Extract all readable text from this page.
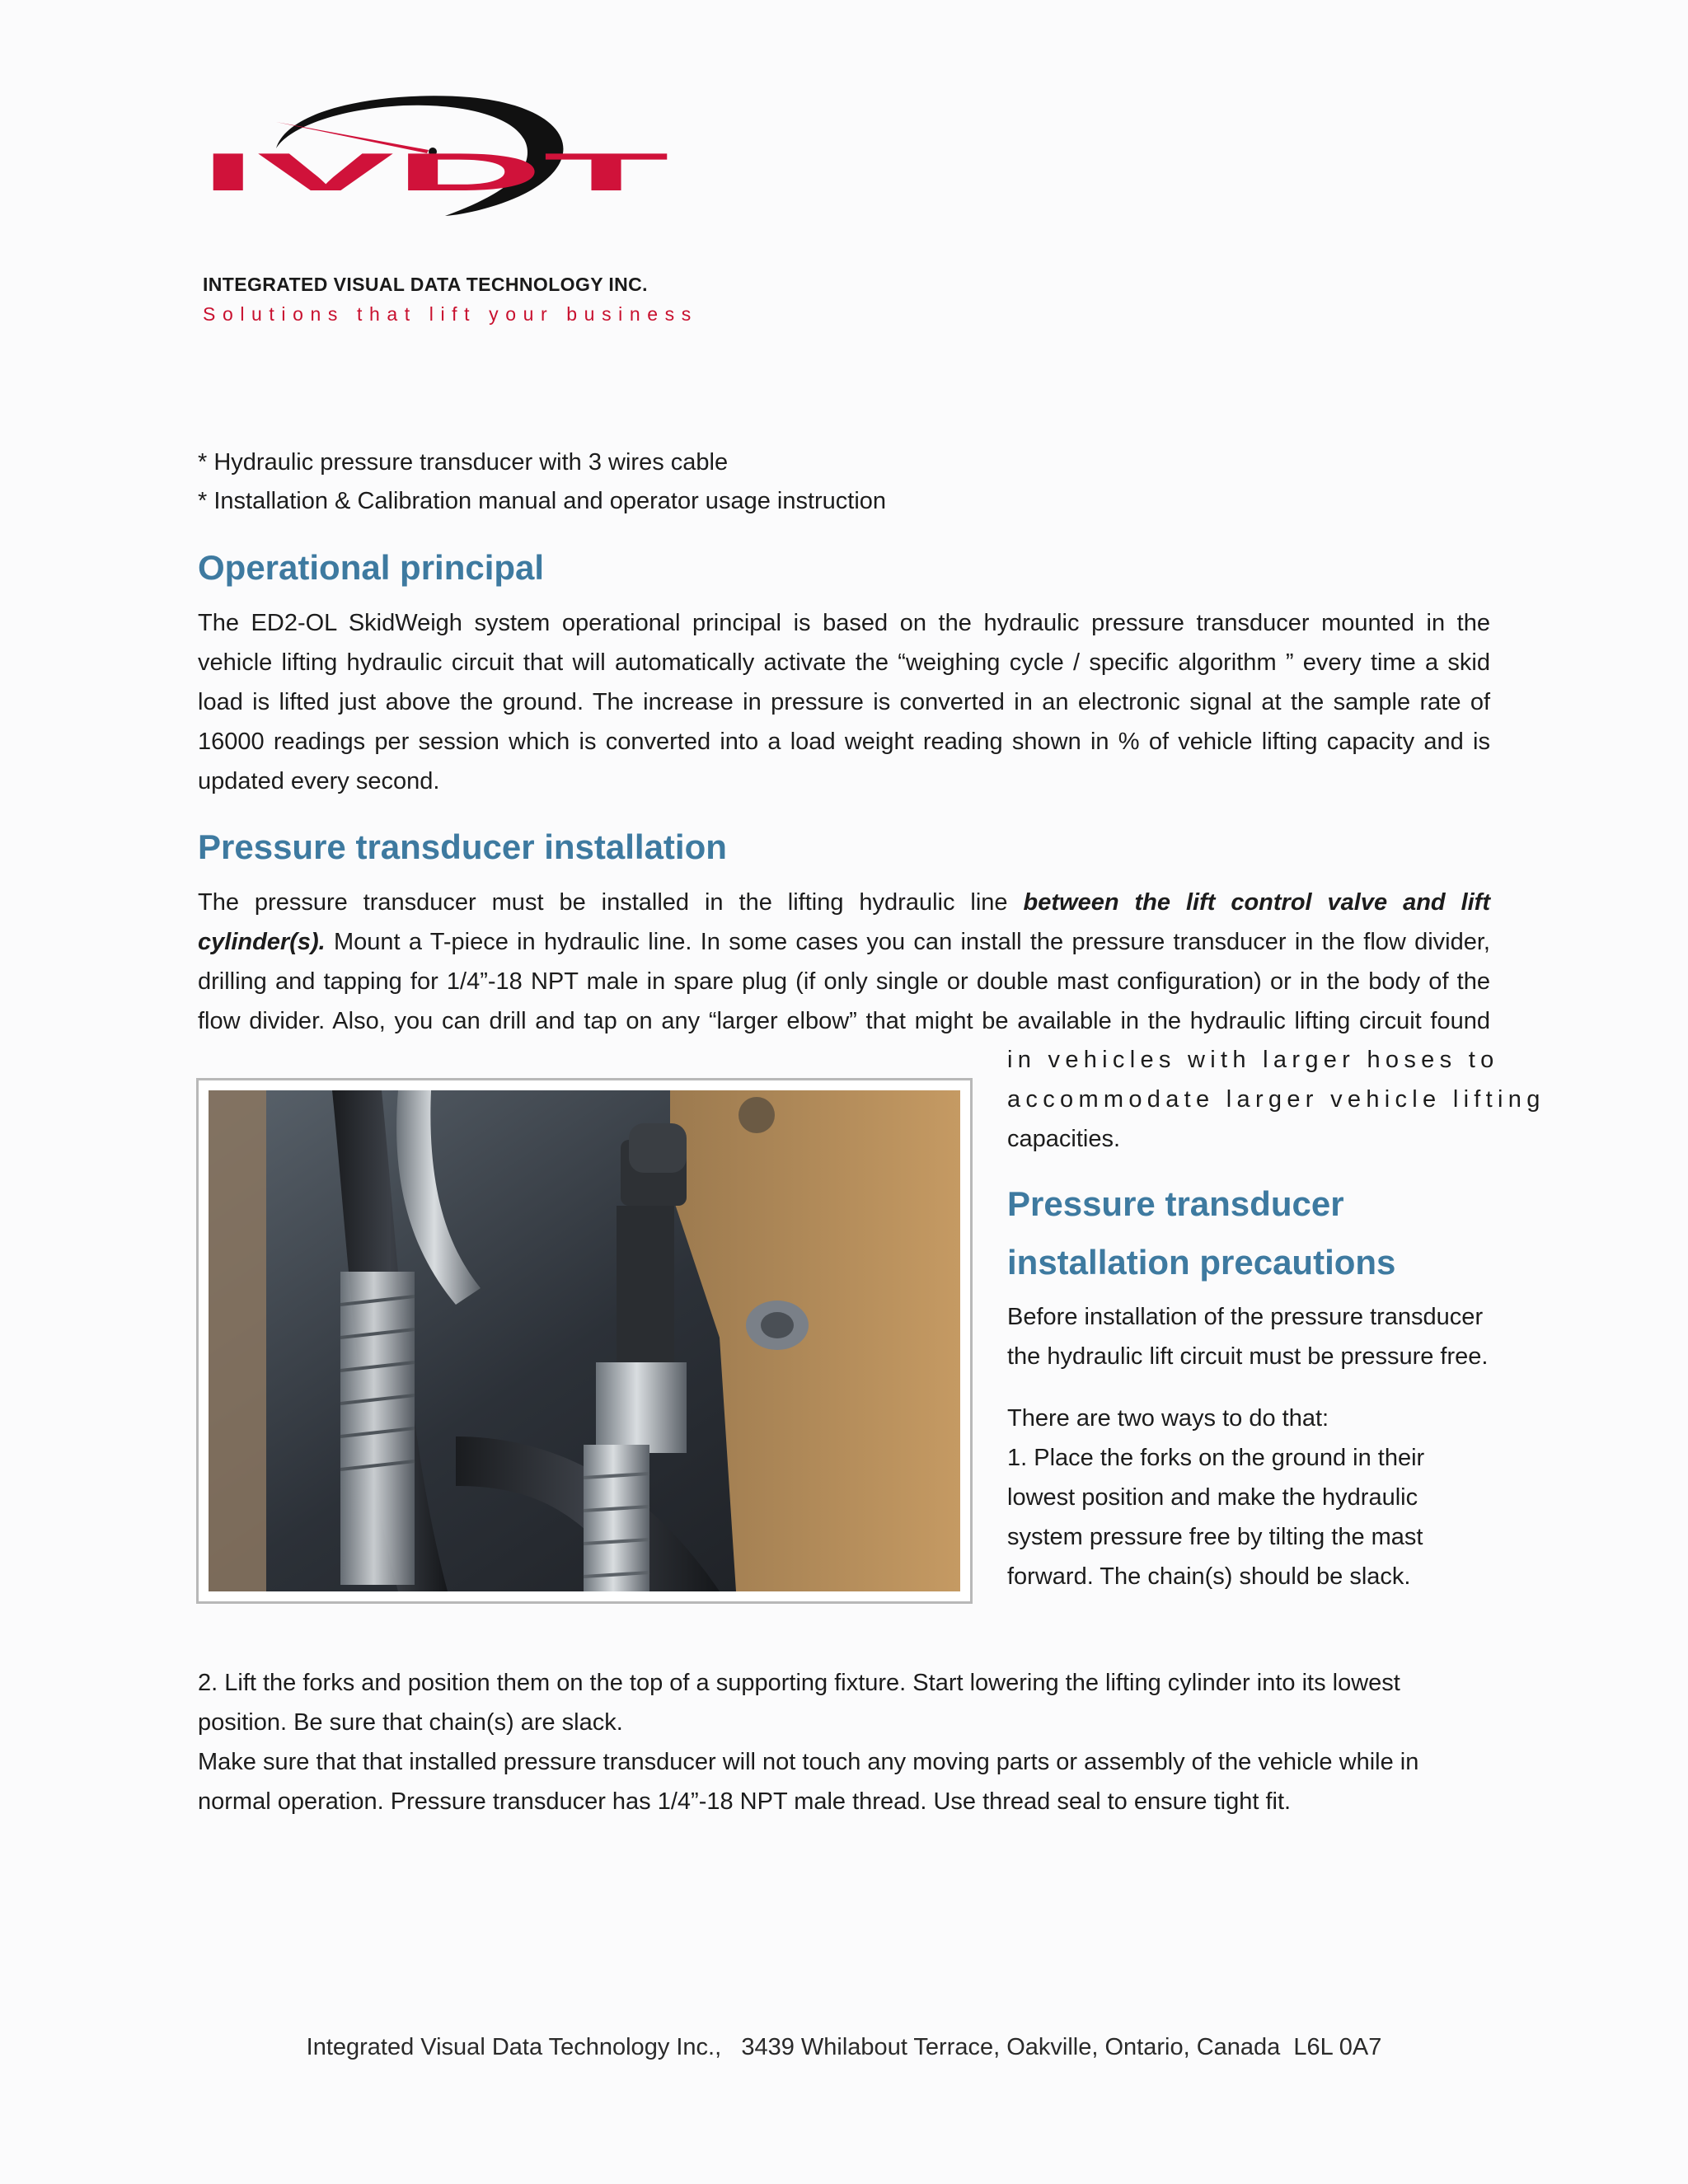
IVDT
INTEGRATED VISUAL DATA TECHNOLOGY INC.
Solutions that lift your business
* Hydraulic pressure transducer with 3 wires cable
* Installation & Calibration manual and operator usage instruction
Operational principal
The ED2-OL SkidWeigh system operational principal is based on the hydraulic pressure transducer mounted in the
vehicle lifting hydraulic circuit that will automatically activate the “weighing cycle / specific algorithm ” every time a skid
load is lifted just above the ground. The increase in pressure is converted in an electronic signal at the sample rate of
16000 readings per session which is converted into a load weight reading shown in % of vehicle lifting capacity and is
updated every second.
Pressure transducer installation
The pressure transducer must be installed in the lifting hydraulic line between the lift control valve and lift
cylinder(s). Mount a T-piece in hydraulic line. In some cases you can install the pressure transducer in the flow divider,
drilling and tapping for 1/4”-18 NPT male in spare plug (if only single or double mast configuration) or in the body of the
flow divider. Also, you can drill and tap on any “larger elbow” that might be available in the hydraulic lifting circuit found
in vehicles with larger hoses to
accommodate larger vehicle lifting
capacities.
Pressure transducer
installation precautions
Before installation of the pressure transducer
the hydraulic lift circuit must be pressure free.
There are two ways to do that:
1. Place the forks on the ground in their
lowest position and make the hydraulic
system pressure free by tilting the mast
forward. The chain(s) should be slack.
2. Lift the forks and position them on the top of a supporting fixture. Start lowering the lifting cylinder into its lowest
position. Be sure that chain(s) are slack.
Make sure that that installed pressure transducer will not touch any moving parts or assembly of the vehicle while in
normal operation. Pressure transducer has 1/4”-18 NPT male thread. Use thread seal to ensure tight fit.
Integrated Visual Data Technology Inc.,   3439 Whilabout Terrace, Oakville, Ontario, Canada  L6L 0A7
